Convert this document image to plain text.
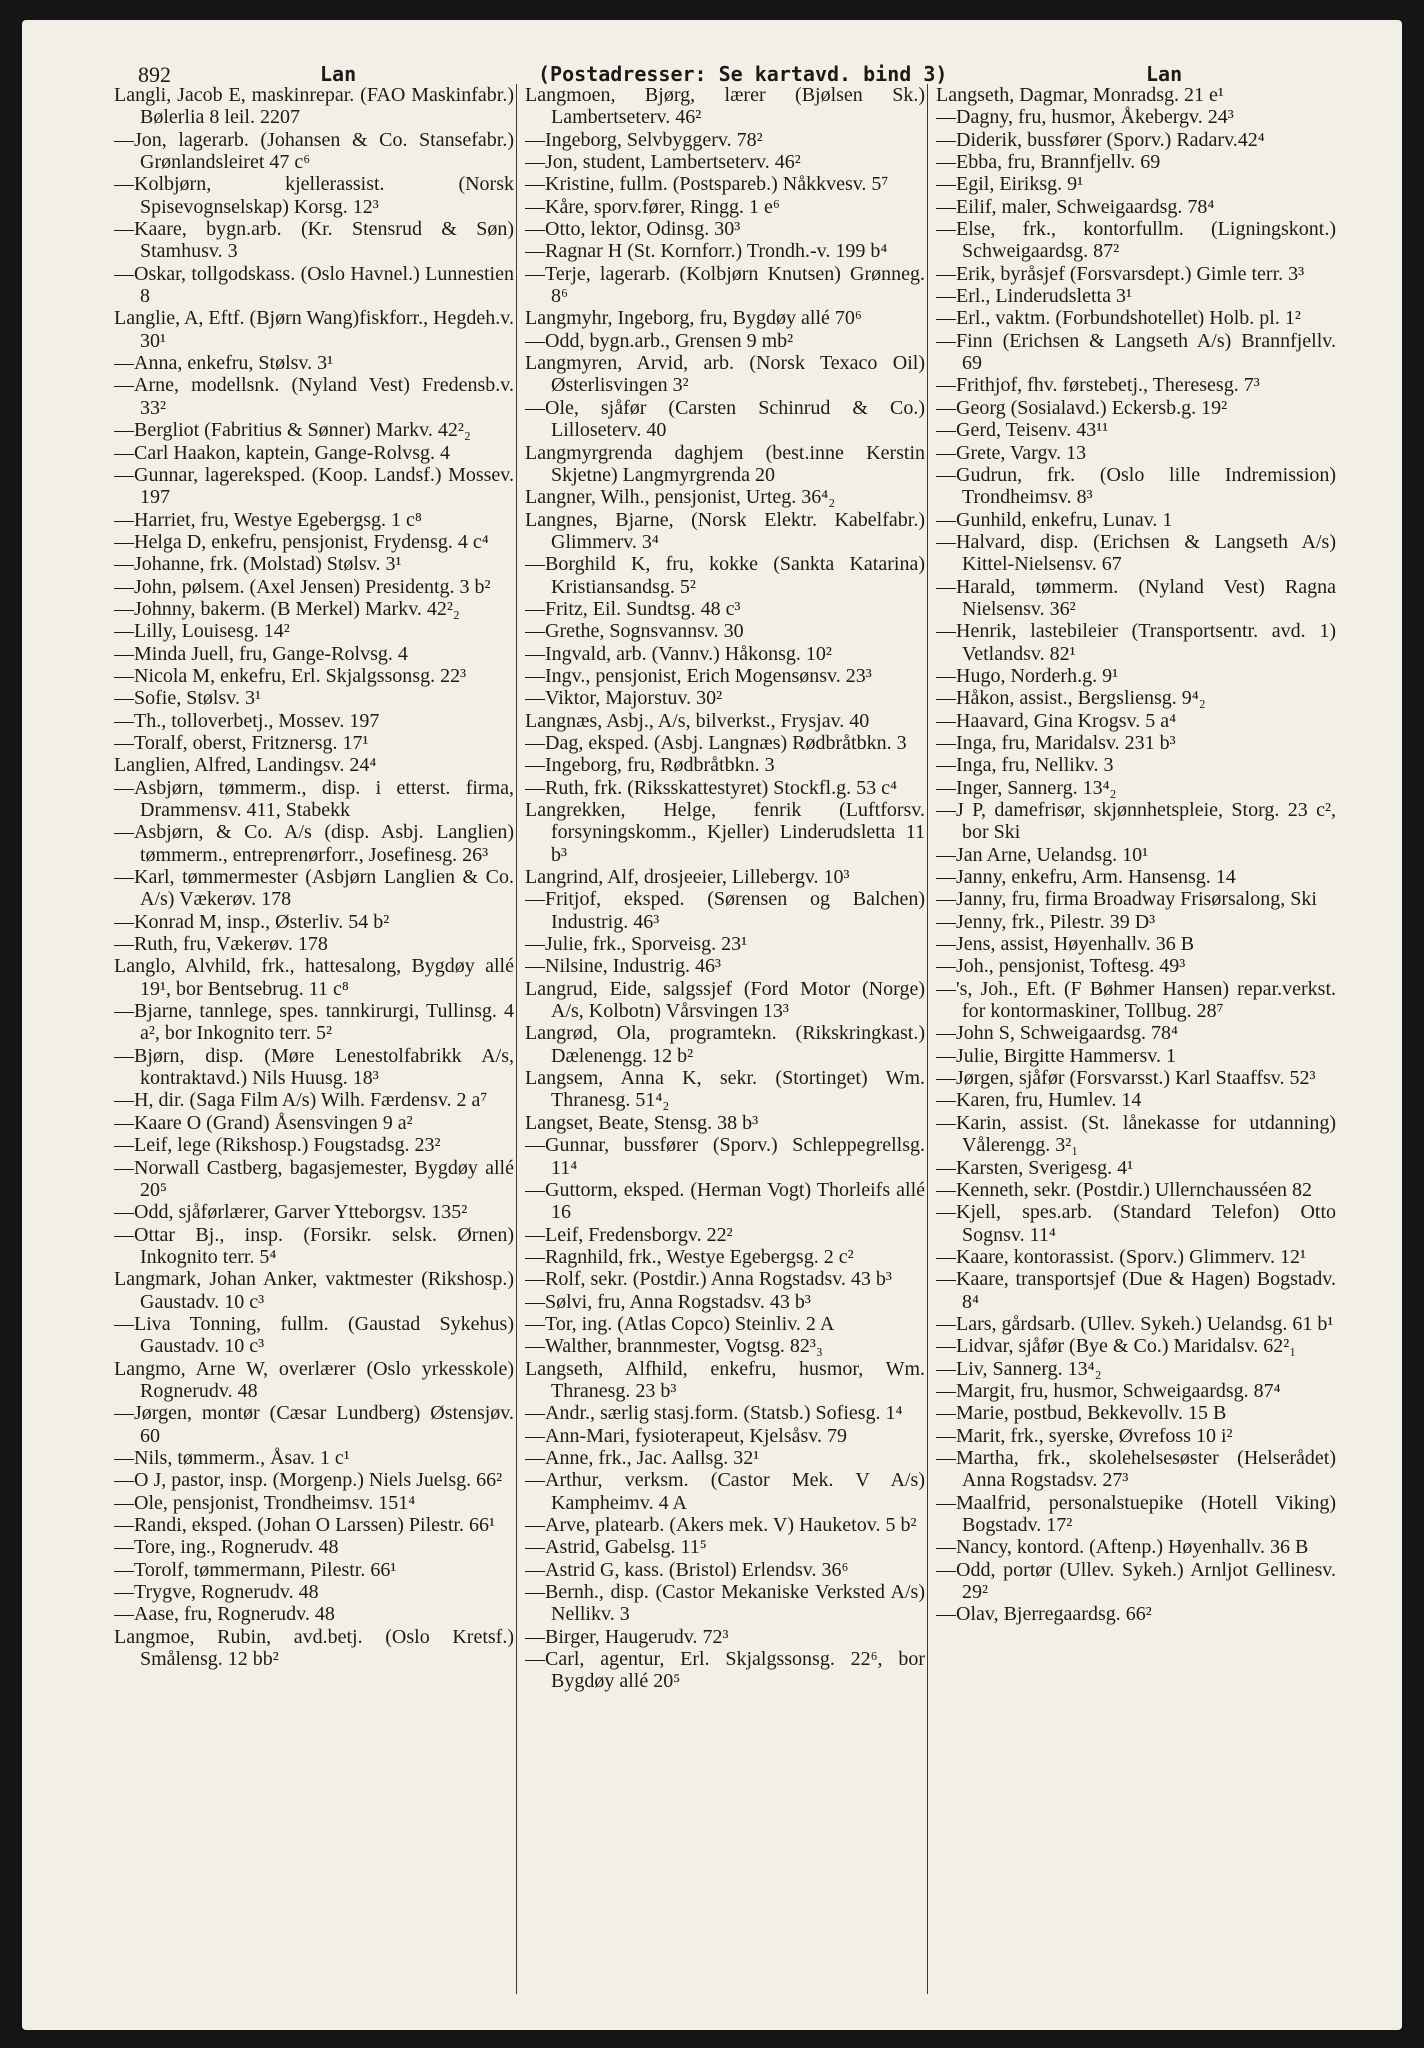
892	Lan	(Postadresser: Se kartavd. bind 3)	Lan

Langli, Jacob E, maskinrepar. (FAO Maskinfabr.) Bølerlia 8 leil. 2207

—Jon, lagerarb. (Johansen & Co. Stansefabr.) Grønlandsleiret 47 c⁶

—Kolbjørn, kjellerassist. (Norsk Spisevognselskap) Korsg. 12³

—Kaare, bygn.arb. (Kr. Stensrud & Søn) Stamhusv. 3

—Oskar, tollgodskass. (Oslo Havnel.) Lunnestien 8

Langlie, A, Eftf. (Bjørn Wang)fiskforr., Hegdeh.v. 30¹

—Anna, enkefru, Stølsv. 3¹

—Arne, modellsnk. (Nyland Vest) Fredensb.v. 33²

—Bergliot (Fabritius & Sønner) Markv. 42²₂

—Carl Haakon, kaptein, Gange-Rolvsg. 4

—Gunnar, lagereksped. (Koop. Landsf.) Mossev. 197

—Harriet, fru, Westye Egebergsg. 1 c⁸

—Helga D, enkefru, pensjonist, Frydensg. 4 c⁴

—Johanne, frk. (Molstad) Stølsv. 3¹

—John, pølsem. (Axel Jensen) Presidentg. 3 b²

—Johnny, bakerm. (B Merkel) Markv. 42²₂

—Lilly, Louisesg. 14²

—Minda Juell, fru, Gange-Rolvsg. 4

—Nicola M, enkefru, Erl. Skjalgssonsg. 22³

—Sofie, Stølsv. 3¹

—Th., tolloverbetj., Mossev. 197

—Toralf, oberst, Fritznersg. 17¹

Langlien, Alfred, Landingsv. 24⁴

—Asbjørn, tømmerm., disp. i etterst. firma, Drammensv. 411, Stabekk

—Asbjørn, & Co. A/s (disp. Asbj. Langlien) tømmerm., entreprenørforr., Josefinesg. 26³

—Karl, tømmermester (Asbjørn Langlien & Co. A/s) Vækerøv. 178

—Konrad M, insp., Østerliv. 54 b²

—Ruth, fru, Vækerøv. 178

Langlo, Alvhild, frk., hattesalong, Bygdøy allé 19¹, bor Bentsebrug. 11 c⁸

—Bjarne, tannlege, spes. tannkirurgi, Tullinsg. 4 a², bor Inkognito terr. 5²

—Bjørn, disp. (Møre Lenestolfabrikk A/s, kontraktavd.) Nils Huusg. 18³

—H, dir. (Saga Film A/s) Wilh. Færdensv. 2 a⁷

—Kaare O (Grand) Åsensvingen 9 a²

—Leif, lege (Rikshosp.) Fougstadsg. 23²

—Norwall Castberg, bagasjemester, Bygdøy allé 20⁵

—Odd, sjåførlærer, Garver Ytteborgsv. 135²

—Ottar Bj., insp. (Forsikr. selsk. Ørnen) Inkognito terr. 5⁴

Langmark, Johan Anker, vaktmester (Rikshosp.) Gaustadv. 10 c³

—Liva Tonning, fullm. (Gaustad Sykehus) Gaustadv. 10 c³

Langmo, Arne W, overlærer (Oslo yrkesskole) Rognerudv. 48

—Jørgen, montør (Cæsar Lundberg) Østensjøv. 60

—Nils, tømmerm., Åsav. 1 c¹

—O J, pastor, insp. (Morgenp.) Niels Juelsg. 66²

—Ole, pensjonist, Trondheimsv. 151⁴

—Randi, eksped. (Johan O Larssen) Pilestr. 66¹

—Tore, ing., Rognerudv. 48

—Torolf, tømmermann, Pilestr. 66¹

—Trygve, Rognerudv. 48

—Aase, fru, Rognerudv. 48

Langmoe, Rubin, avd.betj. (Oslo Kretsf.) Smålensg. 12 bb²

Langmoen, Bjørg, lærer (Bjølsen Sk.) Lambertseterv. 46²

—Ingeborg, Selvbyggerv. 78²

—Jon, student, Lambertseterv. 46²

—Kristine, fullm. (Postspareb.) Nåkkvesv. 5⁷

—Kåre, sporv.fører, Ringg. 1 e⁶

—Otto, lektor, Odinsg. 30³

—Ragnar H (St. Kornforr.) Trondh.-v. 199 b⁴

—Terje, lagerarb. (Kolbjørn Knutsen) Grønneg. 8⁶

Langmyhr, Ingeborg, fru, Bygdøy allé 70⁶

—Odd, bygn.arb., Grensen 9 mb²

Langmyren, Arvid, arb. (Norsk Texaco Oil) Østerlisvingen 3²

—Ole, sjåfør (Carsten Schinrud & Co.) Lilloseterv. 40

Langmyrgrenda daghjem (best.inne Kerstin Skjetne) Langmyrgrenda 20

Langner, Wilh., pensjonist, Urteg. 36⁴₂

Langnes, Bjarne, (Norsk Elektr. Kabelfabr.) Glimmerv. 3⁴

—Borghild K, fru, kokke (Sankta Katarina) Kristiansandsg. 5²

—Fritz, Eil. Sundtsg. 48 c³

—Grethe, Sognsvannsv. 30

—Ingvald, arb. (Vannv.) Håkonsg. 10²

—Ingv., pensjonist, Erich Mogensønsv. 23³

—Viktor, Majorstuv. 30²

Langnæs, Asbj., A/s, bilverkst., Frysjav. 40

—Dag, eksped. (Asbj. Langnæs) Rødbråtbkn. 3

—Ingeborg, fru, Rødbråtbkn. 3

—Ruth, frk. (Riksskattestyret) Stockfl.g. 53 c⁴

Langrekken, Helge, fenrik (Luftforsv. forsyningskomm., Kjeller) Linderudsletta 11 b³

Langrind, Alf, drosjeeier, Lillebergv. 10³

—Fritjof, eksped. (Sørensen og Balchen) Industrig. 46³

—Julie, frk., Sporveisg. 23¹

—Nilsine, Industrig. 46³

Langrud, Eide, salgssjef (Ford Motor (Norge) A/s, Kolbotn) Vårsvingen 13³

Langrød, Ola, programtekn. (Rikskringkast.) Dælenengg. 12 b²

Langsem, Anna K, sekr. (Stortinget) Wm. Thranesg. 51⁴₂

Langset, Beate, Stensg. 38 b³

—Gunnar, bussfører (Sporv.) Schleppegrellsg. 11⁴

—Guttorm, eksped. (Herman Vogt) Thorleifs allé 16

—Leif, Fredensborgv. 22²

—Ragnhild, frk., Westye Egebergsg. 2 c²

—Rolf, sekr. (Postdir.) Anna Rogstadsv. 43 b³

—Sølvi, fru, Anna Rogstadsv. 43 b³

—Tor, ing. (Atlas Copco) Steinliv. 2 A

—Walther, brannmester, Vogtsg. 82³₃

Langseth, Alfhild, enkefru, husmor, Wm. Thranesg. 23 b³

—Andr., særlig stasj.form. (Statsb.) Sofiesg. 1⁴

—Ann-Mari, fysioterapeut, Kjelsåsv. 79

—Anne, frk., Jac. Aallsg. 32¹

—Arthur, verksm. (Castor Mek. V A/s) Kampheimv. 4 A

—Arve, platearb. (Akers mek. V) Hauketov. 5 b²

—Astrid, Gabelsg. 11⁵

—Astrid G, kass. (Bristol) Erlendsv. 36⁶

—Bernh., disp. (Castor Mekaniske Verksted A/s) Nellikv. 3

—Birger, Haugerudv. 72³

—Carl, agentur, Erl. Skjalgssonsg. 22⁶, bor Bygdøy allé 20⁵

Langseth, Dagmar, Monradsg. 21 e¹

—Dagny, fru, husmor, Åkebergv. 24³

—Diderik, bussfører (Sporv.) Radarv.42⁴

—Ebba, fru, Brannfjellv. 69

—Egil, Eiriksg. 9¹

—Eilif, maler, Schweigaardsg. 78⁴

—Else, frk., kontorfullm. (Ligningskont.) Schweigaardsg. 87²

—Erik, byråsjef (Forsvarsdept.) Gimle terr. 3³

—Erl., Linderudsletta 3¹

—Erl., vaktm. (Forbundshotellet) Holb. pl. 1²

—Finn (Erichsen & Langseth A/s) Brannfjellv. 69

—Frithjof, fhv. førstebetj., Theresesg. 7³

—Georg (Sosialavd.) Eckersb.g. 19²

—Gerd, Teisenv. 43¹¹

—Grete, Vargv. 13

—Gudrun, frk. (Oslo lille Indremission) Trondheimsv. 8³

—Gunhild, enkefru, Lunav. 1

—Halvard, disp. (Erichsen & Langseth A/s) Kittel-Nielsensv. 67

—Harald, tømmerm. (Nyland Vest) Ragna Nielsensv. 36²

—Henrik, lastebileier (Transportsentr. avd. 1) Vetlandsv. 82¹

—Hugo, Norderh.g. 9¹

—Håkon, assist., Bergsliensg. 9⁴₂

—Haavard, Gina Krogsv. 5 a⁴

—Inga, fru, Maridalsv. 231 b³

—Inga, fru, Nellikv. 3

—Inger, Sannerg. 13⁴₂

—J P, damefrisør, skjønnhetspleie, Storg. 23 c², bor Ski

—Jan Arne, Uelandsg. 10¹

—Janny, enkefru, Arm. Hansensg. 14

—Janny, fru, firma Broadway Frisørsalong, Ski

—Jenny, frk., Pilestr. 39 D³

—Jens, assist, Høyenhallv. 36 B

—Joh., pensjonist, Toftesg. 49³

—'s, Joh., Eft. (F Bøhmer Hansen) repar.verkst. for kontormaskiner, Tollbug. 28⁷

—John S, Schweigaardsg. 78⁴

—Julie, Birgitte Hammersv. 1

—Jørgen, sjåfør (Forsvarsst.) Karl Staaffsv. 52³

—Karen, fru, Humlev. 14

—Karin, assist. (St. lånekasse for utdanning) Vålerengg. 3²₁

—Karsten, Sverigesg. 4¹

—Kenneth, sekr. (Postdir.) Ullernchausséen 82

—Kjell, spes.arb. (Standard Telefon) Otto Sognsv. 11⁴

—Kaare, kontorassist. (Sporv.) Glimmerv. 12¹

—Kaare, transportsjef (Due & Hagen) Bogstadv. 8⁴

—Lars, gårdsarb. (Ullev. Sykeh.) Uelandsg. 61 b¹

—Lidvar, sjåfør (Bye & Co.) Maridalsv. 62²₁

—Liv, Sannerg. 13⁴₂

—Margit, fru, husmor, Schweigaardsg. 87⁴

—Marie, postbud, Bekkevollv. 15 B

—Marit, frk., syerske, Øvrefoss 10 i²

—Martha, frk., skolehelsesøster (Helserådet) Anna Rogstadsv. 27³

—Maalfrid, personalstuepike (Hotell Viking) Bogstadv. 17²

—Nancy, kontord. (Aftenp.) Høyenhallv. 36 B

—Odd, portør (Ullev. Sykeh.) Arnljot Gellinesv. 29²

—Olav, Bjerregaardsg. 66²
